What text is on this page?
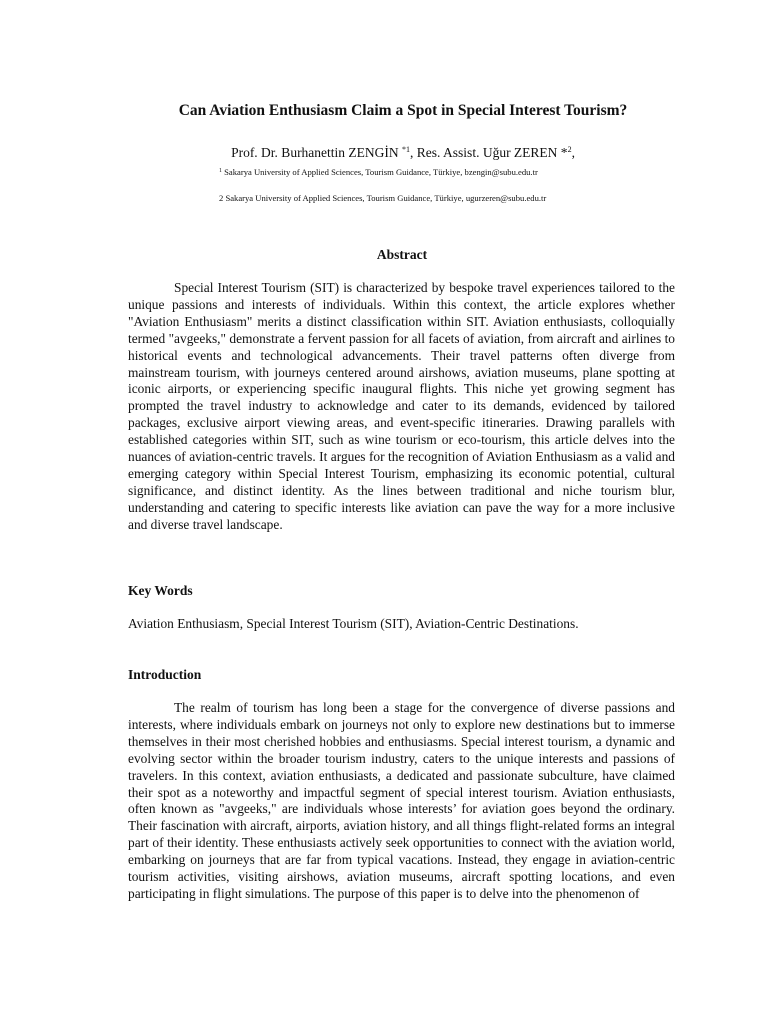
Can Aviation Enthusiasm Claim a Spot in Special Interest Tourism?
Prof. Dr. Burhanettin ZENGİN $^{*1}$, Res. Assist. Uğur ZEREN *$^2$,
$^1$ Sakarya University of Applied Sciences, Tourism Guidance, Türkiye, bzengin@subu.edu.tr
2 Sakarya University of Applied Sciences, Tourism Guidance, Türkiye, ugurzeren@subu.edu.tr
Abstract

Special Interest Tourism (SIT) is characterized by bespoke travel experiences tailored to the unique passions and interests of individuals. Within this context, the article explores whether "Aviation Enthusiasm" merits a distinct classification within SIT. Aviation enthusiasts, colloquially termed "avgeeks," demonstrate a fervent passion for all facets of aviation, from aircraft and airlines to historical events and technological advancements. Their travel patterns often diverge from mainstream tourism, with journeys centered around airshows, aviation museums, plane spotting at iconic airports, or experiencing specific inaugural flights. This niche yet growing segment has prompted the travel industry to acknowledge and cater to its demands, evidenced by tailored packages, exclusive airport viewing areas, and event-specific itineraries. Drawing parallels with established categories within SIT, such as wine tourism or eco-tourism, this article delves into the nuances of aviation-centric travels. It argues for the recognition of Aviation Enthusiasm as a valid and emerging category within Special Interest Tourism, emphasizing its economic potential, cultural significance, and distinct identity. As the lines between traditional and niche tourism blur, understanding and catering to specific interests like aviation can pave the way for a more inclusive and diverse travel landscape.

Key Words
Aviation Enthusiasm, Special Interest Tourism (SIT), Aviation-Centric Destinations.
Introduction

The realm of tourism has long been a stage for the convergence of diverse passions and interests, where individuals embark on journeys not only to explore new destinations but to immerse themselves in their most cherished hobbies and enthusiasms. Special interest tourism, a dynamic and evolving sector within the broader tourism industry, caters to the unique interests and passions of travelers. In this context, aviation enthusiasts, a dedicated and passionate subculture, have claimed their spot as a noteworthy and impactful segment of special interest tourism. Aviation enthusiasts, often known as "avgeeks," are individuals whose interests’ for aviation goes beyond the ordinary. Their fascination with aircraft, airports, aviation history, and all things flight-related forms an integral part of their identity. These enthusiasts actively seek opportunities to connect with the aviation world, embarking on journeys that are far from typical vacations. Instead, they engage in aviation-centric tourism activities, visiting airshows, aviation museums, aircraft spotting locations, and even participating in flight simulations. The purpose of this paper is to delve into the phenomenon of
